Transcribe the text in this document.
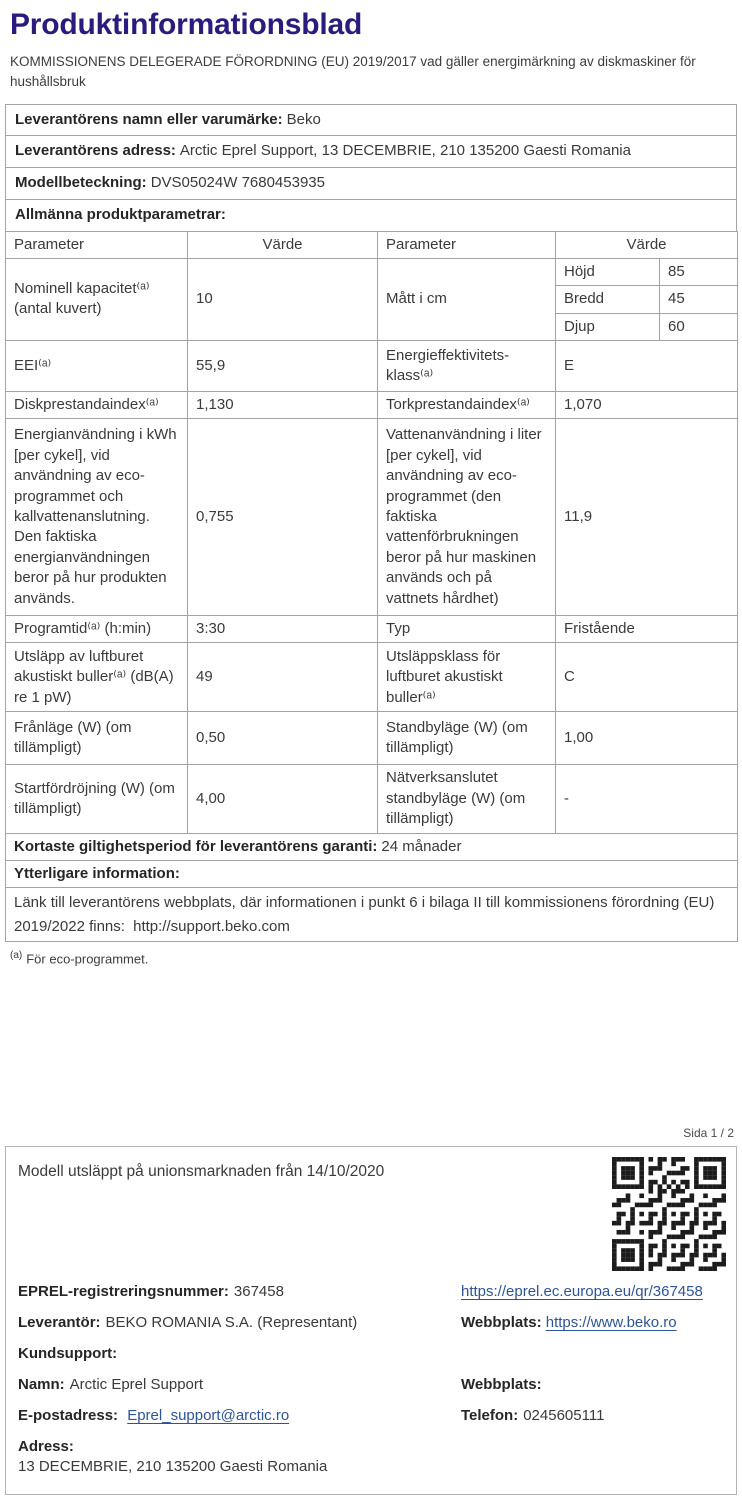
Produktinformationsblad
KOMMISSIONENS DELEGERADE FÖRORDNING (EU) 2019/2017 vad gäller energimärkning av diskmaskiner för hushållsbruk
Leverantörens namn eller varumärke: Beko
Leverantörens adress: Arctic Eprel Support, 13 DECEMBRIE, 210 135200 Gaesti Romania
Modellbeteckning: DVS05024W 7680453935
Allmänna produktparametrar:
Parameter	Värde	Parameter	Värde	
Nominell kapacitet⁽ᵃ⁾ (antal kuvert)	10	Mått i cm	Höjd	85
			Bredd	45
			Djup	60
EEI⁽ᵃ⁾	55,9	Energieffektivitetsklass⁽ᵃ⁾	E	
Diskprestandaindex⁽ᵃ⁾	1,130	Torkprestandaindex⁽ᵃ⁾	1,070	
Energianvändning i kWh [per cykel], vid användning av eco-programmet och kallvattenanslutning. Den faktiska energianvändningen beror på hur produkten används.	0,755	Vattenanvändning i liter [per cykel], vid användning av eco-programmet (den faktiska vattenförbrukningen beror på hur maskinen används och på vattnets hårdhet)	11,9	
Programtid⁽ᵃ⁾ (h:min)	3:30	Typ	Fristående	
Utsläpp av luftburet akustiskt buller⁽ᵃ⁾ (dB(A) re 1 pW)	49	Utsläppsklass för luftburet akustiskt buller⁽ᵃ⁾	C	
Frånläge (W) (om tillämpligt)	0,50	Standbyläge (W) (om tillämpligt)	1,00	
Startfördröjning (W) (om tillämpligt)	4,00	Nätverksanslutet standbyläge (W) (om tillämpligt)	-	
Kortaste giltighetsperiod för leverantörens garanti: 24 månader				
Ytterligare information:				
Länk till leverantörens webbplats, där informationen i punkt 6 i bilaga II till kommissionens förordning (EU) 2019/2022 finns: http://support.beko.com				
$^{(a)}$ För eco-programmet.
Sida 1 / 2
Modell utsläppt på unionsmarknaden från 14/10/2020
EPREL-registreringsnummer: 367458	https://eprel.ec.europa.eu/qr/367458
Leverantör: BEKO ROMANIA S.A. (Representant)	Webbplats: https://www.beko.ro
Kundsupport:
Namn: Arctic Eprel Support	Webbplats:
E-postadress: Eprel_support@arctic.ro	Telefon: 0245605111
Adress:
13 DECEMBRIE, 210 135200 Gaesti Romania
